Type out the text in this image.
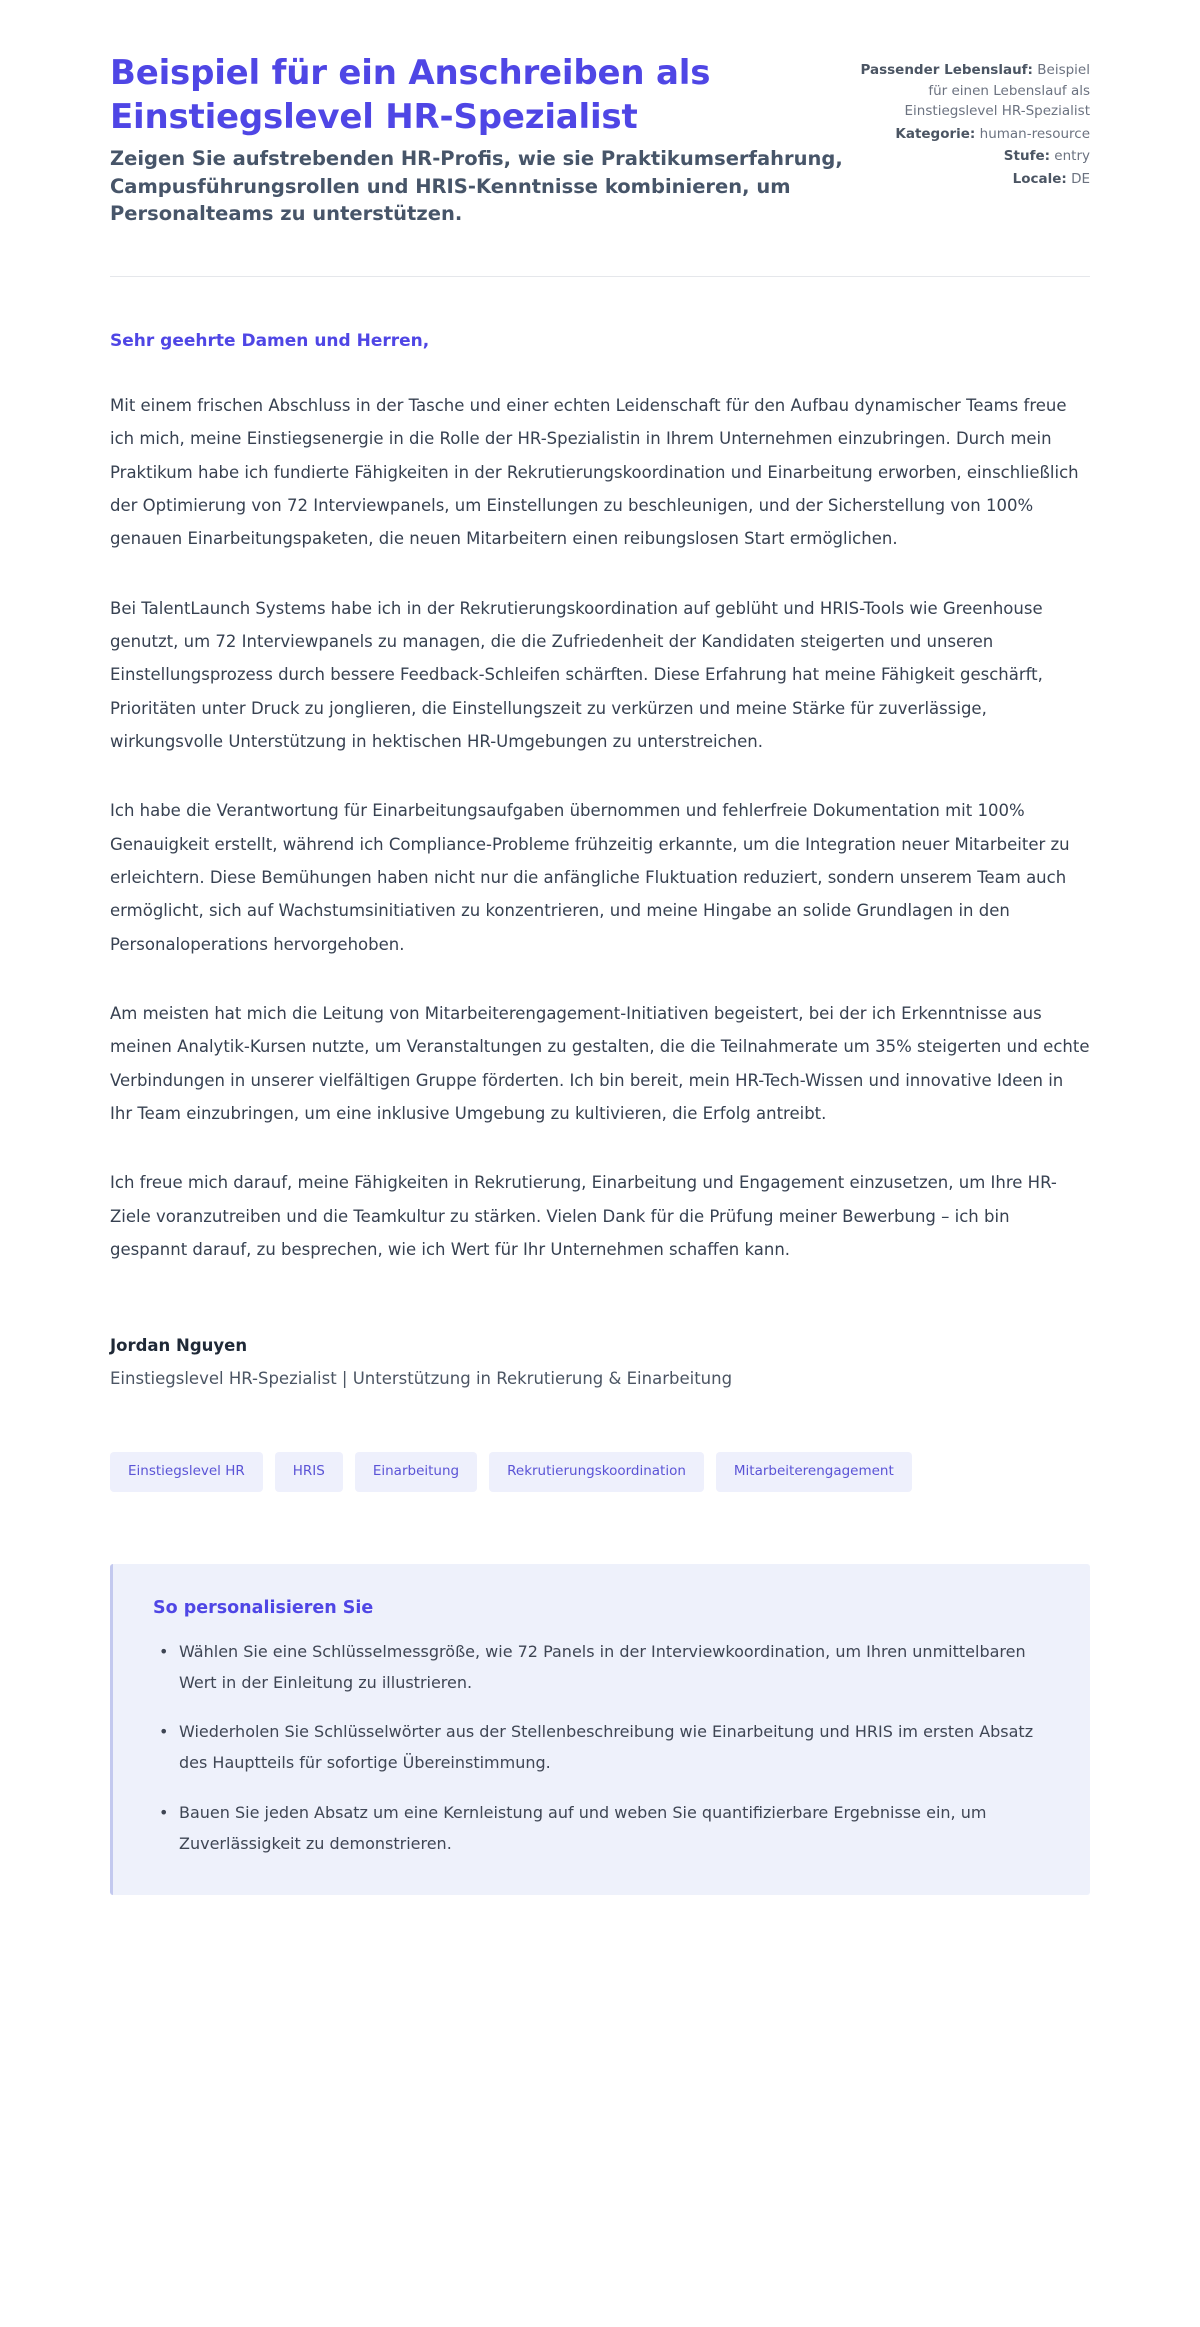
Beispiel für ein Anschreiben als Einstiegslevel HR-Spezialist

Zeigen Sie aufstrebenden HR-Profis, wie sie Praktikumserfahrung, Campusführungsrollen und HRIS-Kenntnisse kombinieren, um Personalteams zu unterstützen.

Passender Lebenslauf: Beispiel für einen Lebenslauf als Einstiegslevel HR-Spezialist
Kategorie: human-resource
Stufe: entry
Locale: DE

Sehr geehrte Damen und Herren,

Mit einem frischen Abschluss in der Tasche und einer echten Leidenschaft für den Aufbau dynamischer Teams freue ich mich, meine Einstiegsenergie in die Rolle der HR-Spezialistin in Ihrem Unternehmen einzubringen. Durch mein Praktikum habe ich fundierte Fähigkeiten in der Rekrutierungskoordination und Einarbeitung erworben, einschließlich der Optimierung von 72 Interviewpanels, um Einstellungen zu beschleunigen, und der Sicherstellung von 100% genauen Einarbeitungspaketen, die neuen Mitarbeitern einen reibungslosen Start ermöglichen.

Bei TalentLaunch Systems habe ich in der Rekrutierungskoordination auf geblüht und HRIS-Tools wie Greenhouse genutzt, um 72 Interviewpanels zu managen, die die Zufriedenheit der Kandidaten steigerten und unseren Einstellungsprozess durch bessere Feedback-Schleifen schärften. Diese Erfahrung hat meine Fähigkeit geschärft, Prioritäten unter Druck zu jonglieren, die Einstellungszeit zu verkürzen und meine Stärke für zuverlässige, wirkungsvolle Unterstützung in hektischen HR-Umgebungen zu unterstreichen.

Ich habe die Verantwortung für Einarbeitungsaufgaben übernommen und fehlerfreie Dokumentation mit 100% Genauigkeit erstellt, während ich Compliance-Probleme frühzeitig erkannte, um die Integration neuer Mitarbeiter zu erleichtern. Diese Bemühungen haben nicht nur die anfängliche Fluktuation reduziert, sondern unserem Team auch ermöglicht, sich auf Wachstumsinitiativen zu konzentrieren, und meine Hingabe an solide Grundlagen in den Personaloperations hervorgehoben.

Am meisten hat mich die Leitung von Mitarbeiterengagement-Initiativen begeistert, bei der ich Erkenntnisse aus meinen Analytik-Kursen nutzte, um Veranstaltungen zu gestalten, die die Teilnahmerate um 35% steigerten und echte Verbindungen in unserer vielfältigen Gruppe förderten. Ich bin bereit, mein HR-Tech-Wissen und innovative Ideen in Ihr Team einzubringen, um eine inklusive Umgebung zu kultivieren, die Erfolg antreibt.

Ich freue mich darauf, meine Fähigkeiten in Rekrutierung, Einarbeitung und Engagement einzusetzen, um Ihre HR-Ziele voranzutreiben und die Teamkultur zu stärken. Vielen Dank für die Prüfung meiner Bewerbung – ich bin gespannt darauf, zu besprechen, wie ich Wert für Ihr Unternehmen schaffen kann.

Jordan Nguyen

Einstiegslevel HR-Spezialist | Unterstützung in Rekrutierung & Einarbeitung

Einstiegslevel HR	HRIS	Einarbeitung	Rekrutierungskoordination	Mitarbeiterengagement

So personalisieren Sie

• Wählen Sie eine Schlüsselmessgröße, wie 72 Panels in der Interviewkoordination, um Ihren unmittelbaren Wert in der Einleitung zu illustrieren.
• Wiederholen Sie Schlüsselwörter aus der Stellenbeschreibung wie Einarbeitung und HRIS im ersten Absatz des Hauptteils für sofortige Übereinstimmung.
• Bauen Sie jeden Absatz um eine Kernleistung auf und weben Sie quantifizierbare Ergebnisse ein, um Zuverlässigkeit zu demonstrieren.
